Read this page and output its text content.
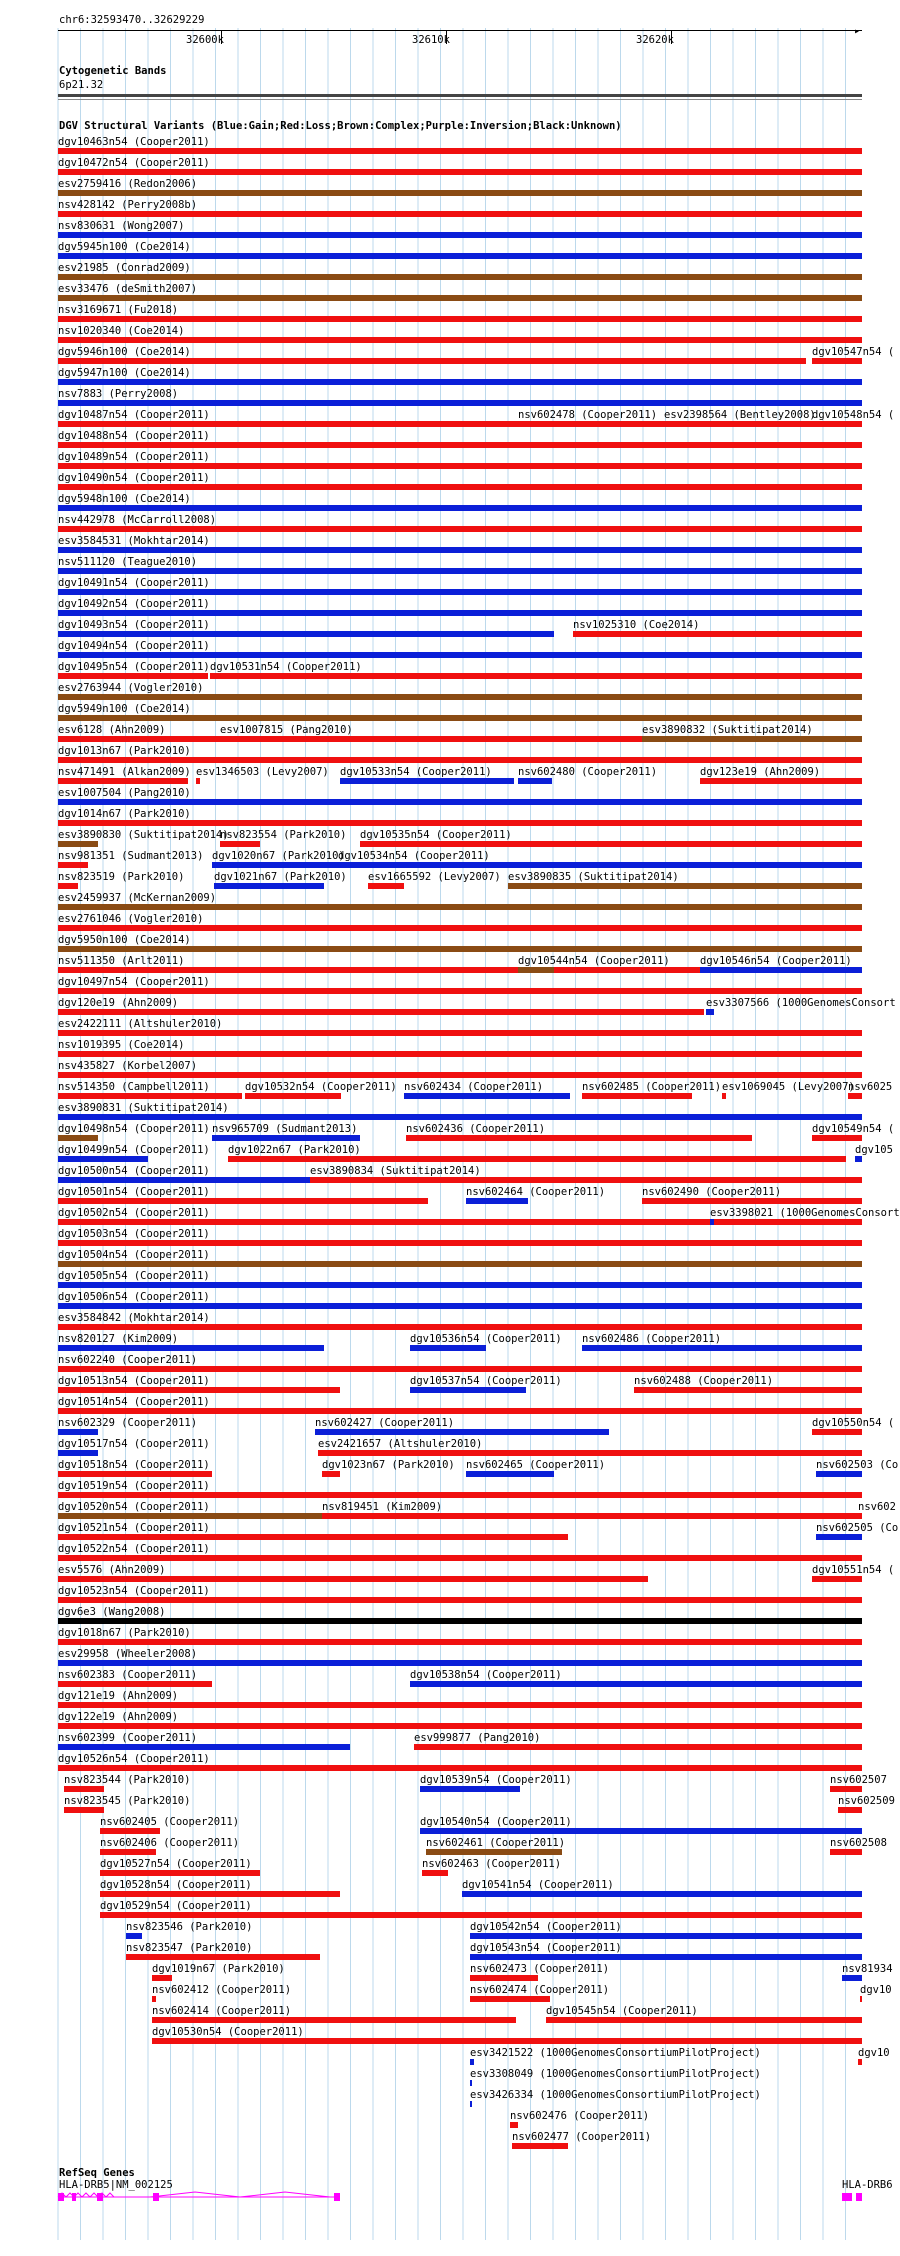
chr6:32593470..32629229
32600k	32610k	32620k
▸
Cytogenetic Bands
6p21.32
DGV Structural Variants (Blue:Gain;Red:Loss;Brown:Complex;Purple:Inversion;Black:Unknown)
dgv10463n54 (Cooper2011)
dgv10472n54 (Cooper2011)
esv2759416 (Redon2006)
nsv428142 (Perry2008b)
nsv830631 (Wong2007)
dgv5945n100 (Coe2014)
esv21985 (Conrad2009)
esv33476 (deSmith2007)
nsv3169671 (Fu2018)
nsv1020340 (Coe2014)
dgv5946n100 (Coe2014)	dgv10547n54 (
dgv5947n100 (Coe2014)
nsv7883 (Perry2008)
dgv10487n54 (Cooper2011)	nsv602478 (Cooper2011) esv2398564 (Bentley2008)
dgv10548n54 (
dgv10488n54 (Cooper2011)
dgv10489n54 (Cooper2011)
dgv10490n54 (Cooper2011)
dgv5948n100 (Coe2014)
nsv442978 (McCarroll2008)
esv3584531 (Mokhtar2014)
nsv511120 (Teague2010)
dgv10491n54 (Cooper2011)
dgv10492n54 (Cooper2011)
dgv10493n54 (Cooper2011)	nsv1025310 (Coe2014)
dgv10494n54 (Cooper2011)
dgv10495n54 (Cooper2011) dgv10531n54 (Cooper2011)
esv2763944 (Vogler2010)
dgv5949n100 (Coe2014)
esv6128 (Ahn2009)	esv1007815 (Pang2010)	esv3890832 (Suktitipat2014)
dgv1013n67 (Park2010)
nsv471491 (Alkan2009) esv1346503 (Levy2007) dgv10533n54 (Cooper2011)	nsv602480 (Cooper2011)	dgv123e19 (Ahn2009)
esv1007504 (Pang2010)
dgv1014n67 (Park2010)
esv3890830 (Suktitipat2014)
nsv823554 (Park2010) dgv10535n54 (Cooper2011)
nsv981351 (Sudmant2013) dgv1020n67 (Park2010)
dgv10534n54 (Cooper2011)
nsv823519 (Park2010)	dgv1021n67 (Park2010) esv1665592 (Levy2007) esv3890835 (Suktitipat2014)
esv2459937 (McKernan2009)
esv2761046 (Vogler2010)
dgv5950n100 (Coe2014)
nsv511350 (Arlt2011)	dgv10544n54 (Cooper2011)	dgv10546n54 (Cooper2011)
dgv10497n54 (Cooper2011)
dgv120e19 (Ahn2009)	esv3307566 (1000GenomesConsort
esv2422111 (Altshuler2010)
nsv1019395 (Coe2014)
nsv435827 (Korbel2007)
nsv514350 (Campbell2011)	dgv10532n54 (Cooper2011) nsv602434 (Cooper2011)	nsv602485 (Cooper2011) esv1069045 (Levy2007)
nsv6025
esv3890831 (Suktitipat2014)
dgv10498n54 (Cooper2011) nsv965709 (Sudmant2013)	nsv602436 (Cooper2011)	dgv10549n54 (
dgv10499n54 (Cooper2011) dgv1022n67 (Park2010)	dgv105
dgv10500n54 (Cooper2011)	esv3890834 (Suktitipat2014)
dgv10501n54 (Cooper2011)	nsv602464 (Cooper2011)	nsv602490 (Cooper2011)
dgv10502n54 (Cooper2011)	esv3398021 (1000GenomesConsort
dgv10503n54 (Cooper2011)
dgv10504n54 (Cooper2011)
dgv10505n54 (Cooper2011)
dgv10506n54 (Cooper2011)
esv3584842 (Mokhtar2014)
nsv820127 (Kim2009)	dgv10536n54 (Cooper2011) nsv602486 (Cooper2011)
nsv602240 (Cooper2011)
dgv10513n54 (Cooper2011)	dgv10537n54 (Cooper2011)	nsv602488 (Cooper2011)
dgv10514n54 (Cooper2011)
nsv602329 (Cooper2011)	nsv602427 (Cooper2011)	dgv10550n54 (
dgv10517n54 (Cooper2011)	esv2421657 (Altshuler2010)
dgv10518n54 (Cooper2011)	dgv1023n67 (Park2010) nsv602465 (Cooper2011)	nsv602503 (Co
dgv10519n54 (Cooper2011)
dgv10520n54 (Cooper2011)	nsv819451 (Kim2009)	nsv602
dgv10521n54 (Cooper2011)	nsv602505 (Co
dgv10522n54 (Cooper2011)
esv5576 (Ahn2009)	dgv10551n54 (
dgv10523n54 (Cooper2011)
dgv6e3 (Wang2008)
dgv1018n67 (Park2010)
esv29958 (Wheeler2008)
nsv602383 (Cooper2011)	dgv10538n54 (Cooper2011)
dgv121e19 (Ahn2009)
dgv122e19 (Ahn2009)
nsv602399 (Cooper2011)	esv999877 (Pang2010)
dgv10526n54 (Cooper2011)
nsv823544 (Park2010)	dgv10539n54 (Cooper2011)	nsv602507
nsv823545 (Park2010)	nsv602509
nsv602405 (Cooper2011)	dgv10540n54 (Cooper2011)
nsv602406 (Cooper2011)	nsv602461 (Cooper2011)	nsv602508
dgv10527n54 (Cooper2011)	nsv602463 (Cooper2011)
dgv10528n54 (Cooper2011)	dgv10541n54 (Cooper2011)
dgv10529n54 (Cooper2011)
nsv823546 (Park2010)	dgv10542n54 (Cooper2011)
nsv823547 (Park2010)	dgv10543n54 (Cooper2011)
dgv1019n67 (Park2010)	nsv602473 (Cooper2011)	nsv81934
nsv602412 (Cooper2011)	nsv602474 (Cooper2011)	dgv10
nsv602414 (Cooper2011)	dgv10545n54 (Cooper2011)
dgv10530n54 (Cooper2011)
esv3421522 (1000GenomesConsortiumPilotProject)	dgv10
esv3308049 (1000GenomesConsortiumPilotProject)
esv3426334 (1000GenomesConsortiumPilotProject)
nsv602476 (Cooper2011)
nsv602477 (Cooper2011)
RefSeq Genes
HLA-DRB5|NM_002125	HLA-DRB6
